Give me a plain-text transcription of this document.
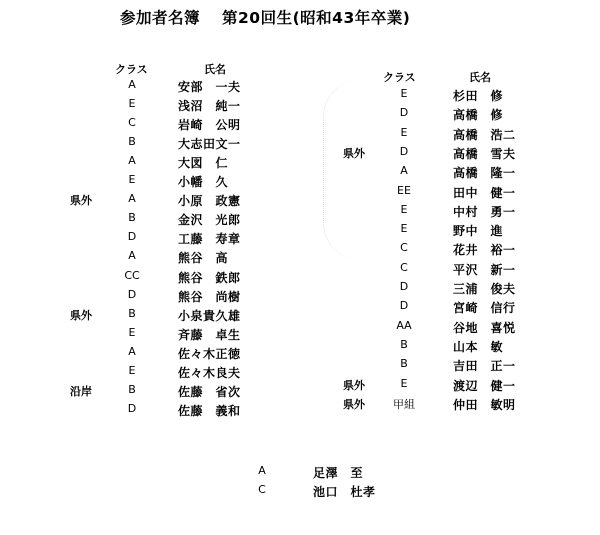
参加者名簿 第20回生(昭和43年卒業)
クラス	氏名
クラス	氏名
A	安部　一夫
E	浅沼　純一
C	岩崎　公明
B	大志田文一
A	大図　仁
E	小幡　久
県外	A	小原　政憲
B	金沢　光郎
D	工藤　寿章
A	熊谷　高
CC	熊谷　鉄郎
D	熊谷　尚樹
県外	B	小泉貴久雄
E	斉藤　卓生
A	佐々木正徳
E	佐々木良夫
沿岸	B	佐藤　省次
D	佐藤　義和
E	杉田　修
D	高橋　修
E	高橋　浩二
県外	D	高橋　雪夫
A	高橋　隆一
EE	田中　健一
E	中村　勇一
E	野中　進
C	花井　裕一
C	平沢　新一
D	三浦　俊夫
D	宮崎　信行
AA	谷地　喜悦
B	山本　敏
B	吉田　正一
県外	E	渡辺　健一
県外	甲組	仲田　敏明
A	足澤　至
C	池口　杜孝
